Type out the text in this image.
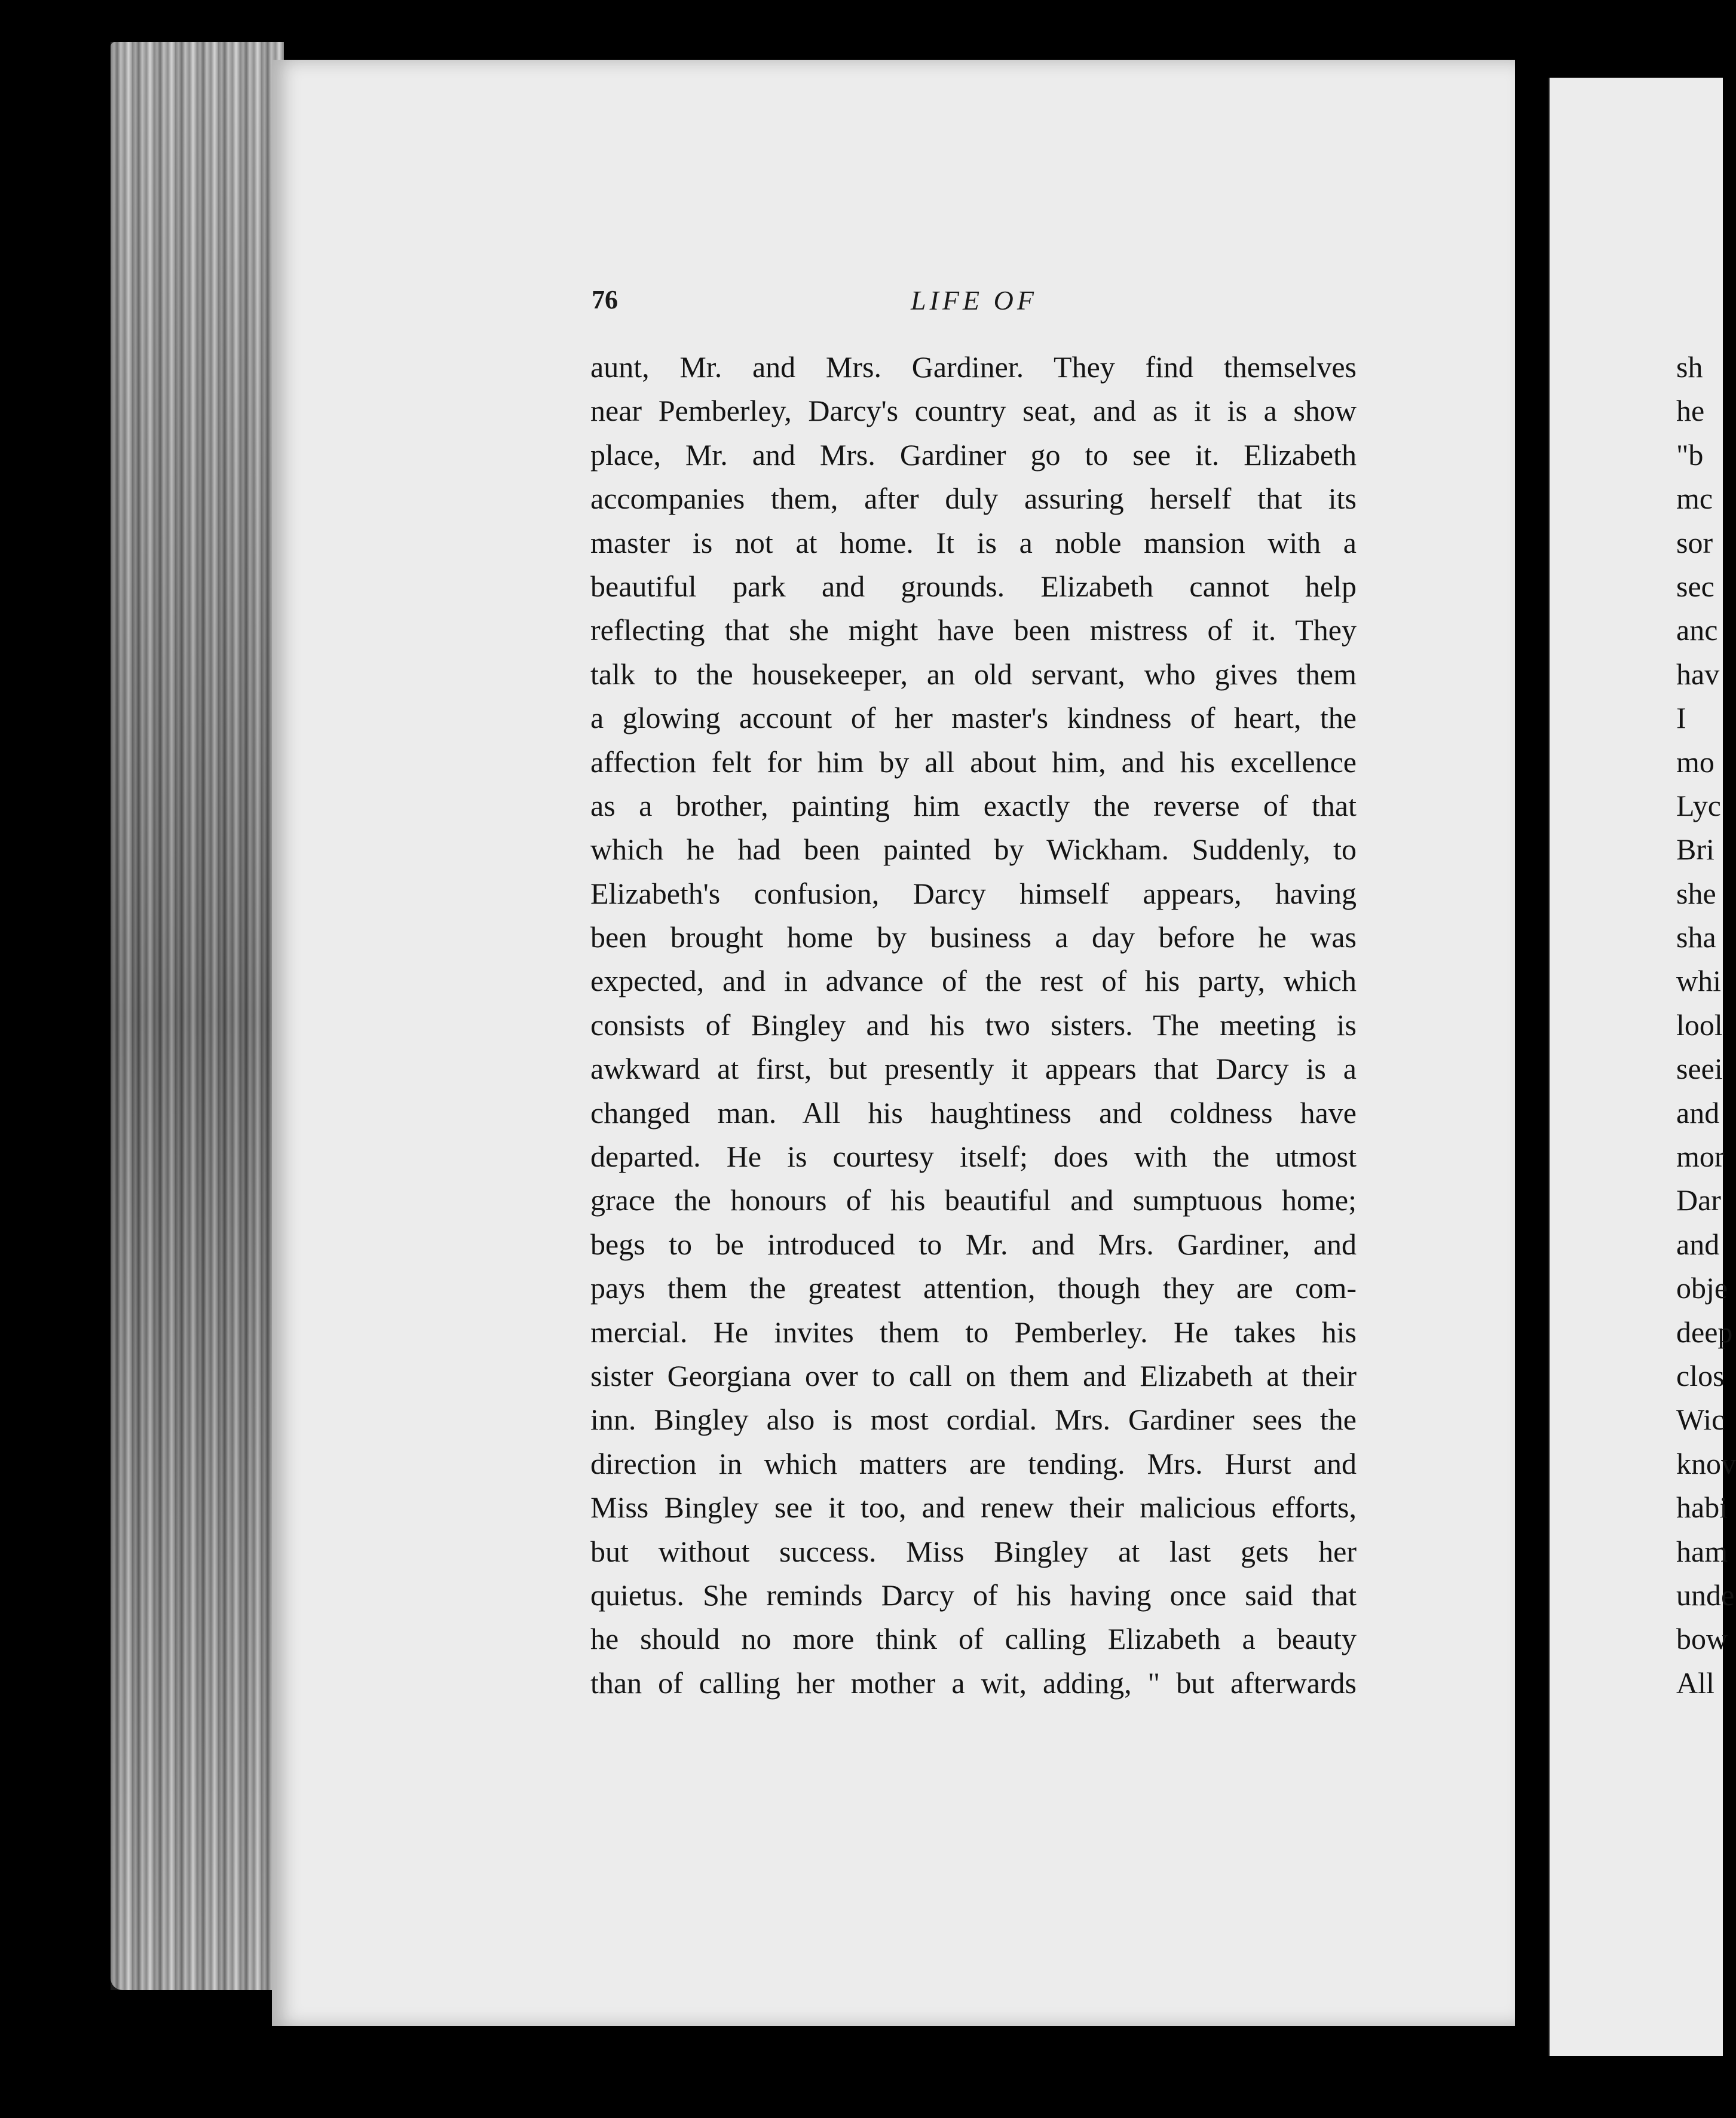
76	LIFE OF
aunt, Mr. and Mrs. Gardiner. They find themselves
near Pemberley, Darcy's country seat, and as it is a show
place, Mr. and Mrs. Gardiner go to see it. Elizabeth
accompanies them, after duly assuring herself that its
master is not at home. It is a noble mansion with a
beautiful park and grounds. Elizabeth cannot help
reflecting that she might have been mistress of it. They
talk to the housekeeper, an old servant, who gives them
a glowing account of her master's kindness of heart, the
affection felt for him by all about him, and his excellence
as a brother, painting him exactly the reverse of that
which he had been painted by Wickham. Suddenly, to
Elizabeth's confusion, Darcy himself appears, having
been brought home by business a day before he was
expected, and in advance of the rest of his party, which
consists of Bingley and his two sisters. The meeting is
awkward at first, but presently it appears that Darcy is a
changed man. All his haughtiness and coldness have
departed. He is courtesy itself; does with the utmost
grace the honours of his beautiful and sumptuous home;
begs to be introduced to Mr. and Mrs. Gardiner, and
pays them the greatest attention, though they are com-
mercial. He invites them to Pemberley. He takes his
sister Georgiana over to call on them and Elizabeth at their
inn. Bingley also is most cordial. Mrs. Gardiner sees the
direction in which matters are tending. Mrs. Hurst and
Miss Bingley see it too, and renew their malicious efforts,
but without success. Miss Bingley at last gets her
quietus. She reminds Darcy of his having once said that
he should no more think of calling Elizabeth a beauty
than of calling her mother a wit, adding, " but afterwards
sh
he
"b
mc
sor
sec
anc
hav
I
mo
Lyc
Bri
she
sha
whi
lool
seei
and
mor
Dar
and
obje
deep
clos
Wic
knov
habi
ham
unde
bow
All
